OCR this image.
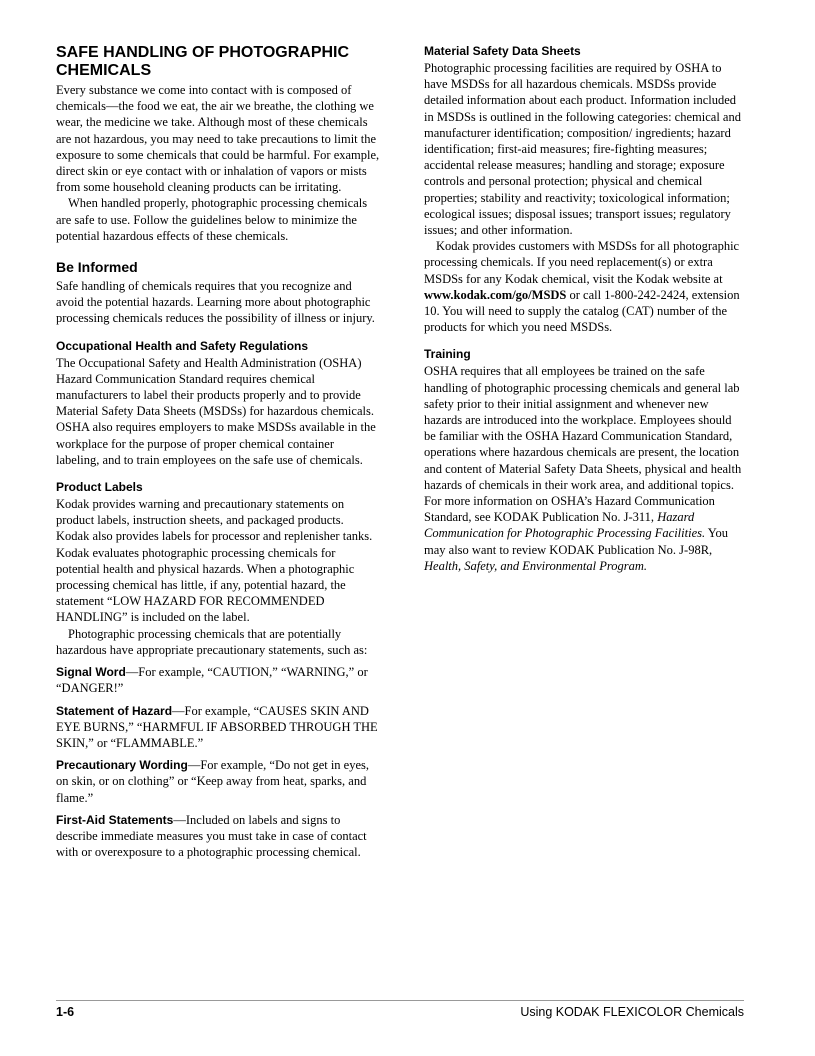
SAFE HANDLING OF PHOTOGRAPHIC
CHEMICALS

Every substance we come into contact with is composed of chemicals—the food we eat, the air we breathe, the clothing we wear, the medicine we take. Although most of these chemicals are not hazardous, you may need to take precautions to limit the exposure to some chemicals that could be harmful. For example, direct skin or eye contact with or inhalation of vapors or mists from some household cleaning products can be irritating.

When handled properly, photographic processing chemicals are safe to use. Follow the guidelines below to minimize the potential hazardous effects of these chemicals.

Be Informed

Safe handling of chemicals requires that you recognize and avoid the potential hazards. Learning more about photographic processing chemicals reduces the possibility of illness or injury.

Occupational Health and Safety Regulations

The Occupational Safety and Health Administration (OSHA) Hazard Communication Standard requires chemical manufacturers to label their products properly and to provide Material Safety Data Sheets (MSDSs) for hazardous chemicals. OSHA also requires employers to make MSDSs available in the workplace for the purpose of proper chemical container labeling, and to train employees on the safe use of chemicals.

Product Labels

Kodak provides warning and precautionary statements on product labels, instruction sheets, and packaged products. Kodak also provides labels for processor and replenisher tanks. Kodak evaluates photographic processing chemicals for potential health and physical hazards. When a photographic processing chemical has little, if any, potential hazard, the statement “LOW HAZARD FOR RECOMMENDED HANDLING” is included on the label.

Photographic processing chemicals that are potentially hazardous have appropriate precautionary statements, such as:

Signal Word—For example, “CAUTION,” “WARNING,” or “DANGER!”

Statement of Hazard—For example, “CAUSES SKIN AND EYE BURNS,” “HARMFUL IF ABSORBED THROUGH THE SKIN,” or “FLAMMABLE.”

Precautionary Wording—For example, “Do not get in eyes, on skin, or on clothing” or “Keep away from heat, sparks, and flame.”

First-Aid Statements—Included on labels and signs to describe immediate measures you must take in case of contact with or overexposure to a photographic processing chemical.

Material Safety Data Sheets

Photographic processing facilities are required by OSHA to have MSDSs for all hazardous chemicals. MSDSs provide detailed information about each product. Information included in MSDSs is outlined in the following categories: chemical and manufacturer identification; composition/ ingredients; hazard identification; first-aid measures; fire-fighting measures; accidental release measures; handling and storage; exposure controls and personal protection; physical and chemical properties; stability and reactivity; toxicological information; ecological issues; disposal issues; transport issues; regulatory issues; and other information.

Kodak provides customers with MSDSs for all photographic processing chemicals. If you need replacement(s) or extra MSDSs for any Kodak chemical, visit the Kodak website at www.kodak.com/go/MSDS or call 1-800-242-2424, extension 10. You will need to supply the catalog (CAT) number of the products for which you need MSDSs.

Training

OSHA requires that all employees be trained on the safe handling of photographic processing chemicals and general lab safety prior to their initial assignment and whenever new hazards are introduced into the workplace. Employees should be familiar with the OSHA Hazard Communication Standard, operations where hazardous chemicals are present, the location and content of Material Safety Data Sheets, physical and health hazards of chemicals in their work area, and additional topics. For more information on OSHA’s Hazard Communication Standard, see KODAK Publication No. J-311, Hazard Communication for Photographic Processing Facilities. You may also want to review KODAK Publication No. J-98R, Health, Safety, and Environmental Program.

1-6	Using KODAK FLEXICOLOR Chemicals
